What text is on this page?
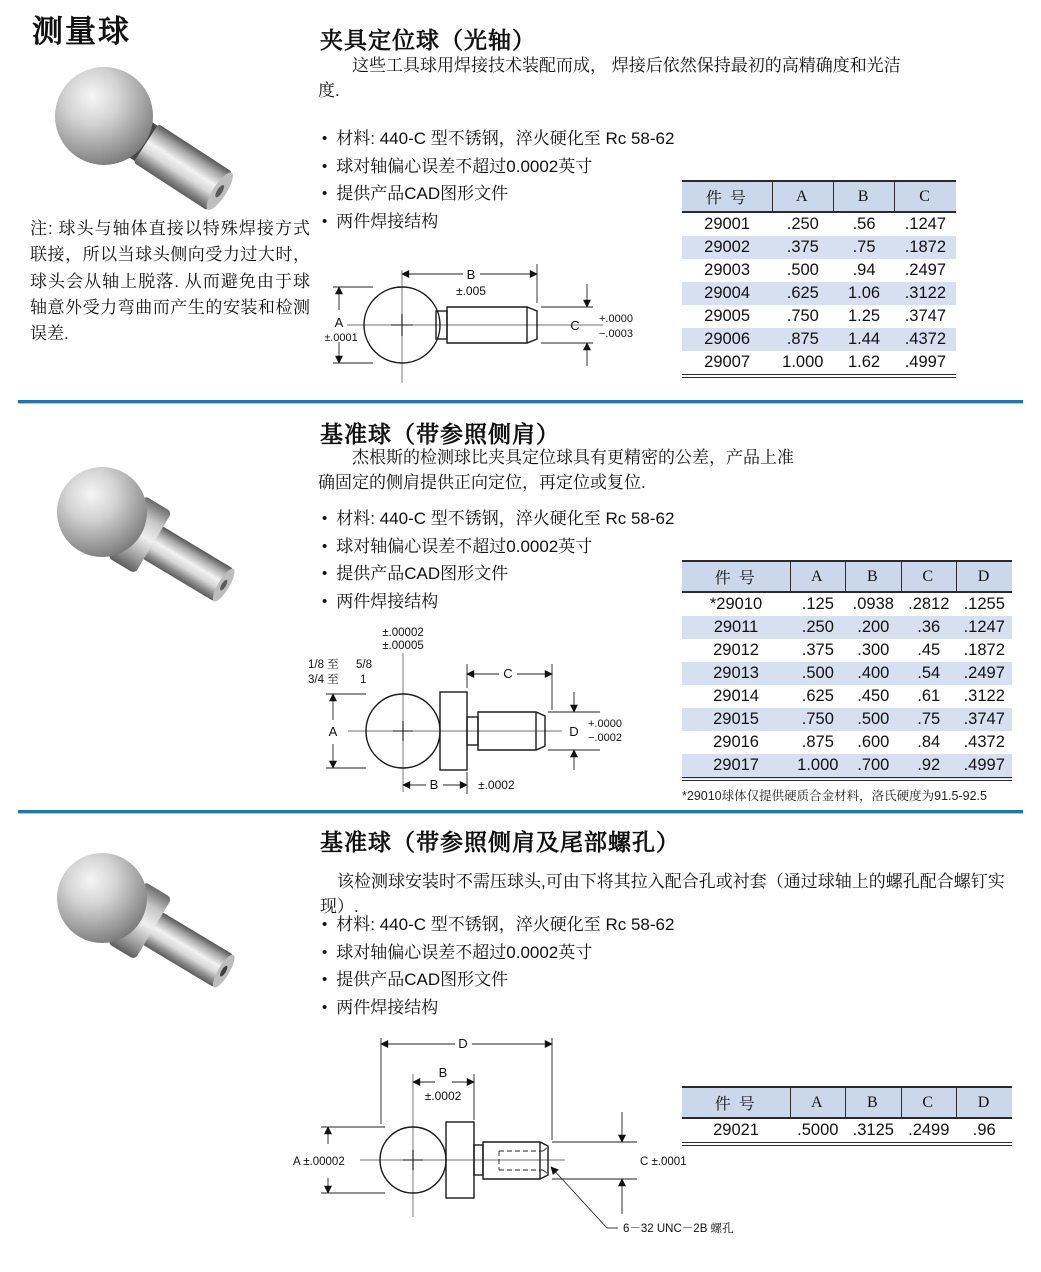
测量球
注: 球头与轴体直接以特殊焊接方式联接，所以当球头侧向受力过大时，球头会从轴上脱落. 从而避免由于球轴意外受力弯曲而产生的安装和检测误差.
夹具定位球（光轴）
这些工具球用焊接技术装配而成， 焊接后依然保持最初的高精确度和光洁度.
• 材料: 440-C 型不锈钢，淬火硬化至 Rc 58-62
• 球对轴偏心误差不超过0.0002英寸
• 提供产品CAD图形文件
• 两件焊接结构
B
±.005
A
±.0001
C +.0000
−.0003
件 号	A	B	C
29001	.250	.56	.1247
29002	.375	.75	.1872
29003	.500	.94	.2497
29004	.625	1.06	.3122
29005	.750	1.25	.3747
29006	.875	1.44	.4372
29007	1.000	1.62	.4997
基准球（带参照侧肩）
杰根斯的检测球比夹具定位球具有更精密的公差，产品上准确固定的侧肩提供正向定位，再定位或复位.
• 材料: 440-C 型不锈钢，淬火硬化至 Rc 58-62
• 球对轴偏心误差不超过0.0002英寸
• 提供产品CAD图形文件
• 两件焊接结构
±.00002
±.00005
1/8 至 5/8
3/4 至 1	C
A	D +.0000
−.0002
B	±.0002
件 号	A	B	C	D
*29010	.125	.0938	.2812	.1255
29011	.250	.200	.36	.1247
29012	.375	.300	.45	.1872
29013	.500	.400	.54	.2497
29014	.625	.450	.61	.3122
29015	.750	.500	.75	.3747
29016	.875	.600	.84	.4372
29017	1.000	.700	.92	.4997
*29010球体仅提供硬质合金材料，洛氏硬度为91.5-92.5
基准球（带参照侧肩及尾部螺孔）
该检测球安装时不需压球头,可由下将其拉入配合孔或衬套（通过球轴上的螺孔配合螺钉实现）.
• 材料: 440-C 型不锈钢，淬火硬化至 Rc 58-62
• 球对轴偏心误差不超过0.0002英寸
• 提供产品CAD图形文件
• 两件焊接结构
D
B
±.0002
A ±.00002	C ±.0001
6－32 UNC－2B 螺孔
件 号	A	B	C	D
29021	.5000	.3125	.2499	.96
